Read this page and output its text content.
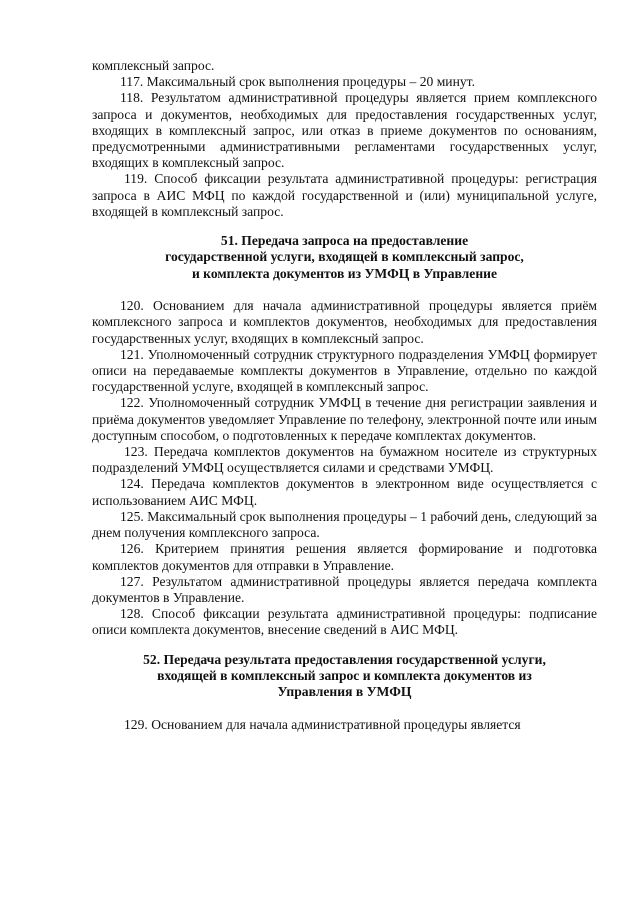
комплексный запрос.

117. Максимальный срок выполнения процедуры – 20 минут.

118. Результатом административной процедуры является прием комплексного запроса и документов, необходимых для предоставления государственных услуг, входящих в комплексный запрос, или отказ в приеме документов по основаниям, предусмотренными административными регламентами государственных услуг, входящих в комплексный запрос.

119. Способ фиксации результата административной процедуры: регистрация запроса в АИС МФЦ по каждой государственной и (или) муниципальной услуге, входящей в комплексный запрос.

51. Передача запроса на предоставление
государственной услуги, входящей в комплексный запрос,
и комплекта документов из УМФЦ в Управление

120. Основанием для начала административной процедуры является приём комплексного запроса и комплектов документов, необходимых для предоставления государственных услуг, входящих в комплексный запрос.

121. Уполномоченный сотрудник структурного подразделения УМФЦ формирует описи на передаваемые комплекты документов в Управление, отдельно по каждой государственной услуге, входящей в комплексный запрос.

122. Уполномоченный сотрудник УМФЦ в течение дня регистрации заявления и приёма документов уведомляет Управление по телефону, электронной почте или иным доступным способом, о подготовленных к передаче комплектах документов.

123. Передача комплектов документов на бумажном носителе из структурных подразделений УМФЦ осуществляется силами и средствами УМФЦ.

124. Передача комплектов документов в электронном виде осуществляется с использованием АИС МФЦ.

125. Максимальный срок выполнения процедуры – 1 рабочий день, следующий за днем получения комплексного запроса.

126. Критерием принятия решения является формирование и подготовка комплектов документов для отправки в Управление.

127. Результатом административной процедуры является передача комплекта документов в Управление.

128. Способ фиксации результата административной процедуры: подписание описи комплекта документов, внесение сведений в АИС МФЦ.

52. Передача результата предоставления государственной услуги,
входящей в комплексный запрос и комплекта документов из
Управления в УМФЦ

129. Основанием для начала административной процедуры является
